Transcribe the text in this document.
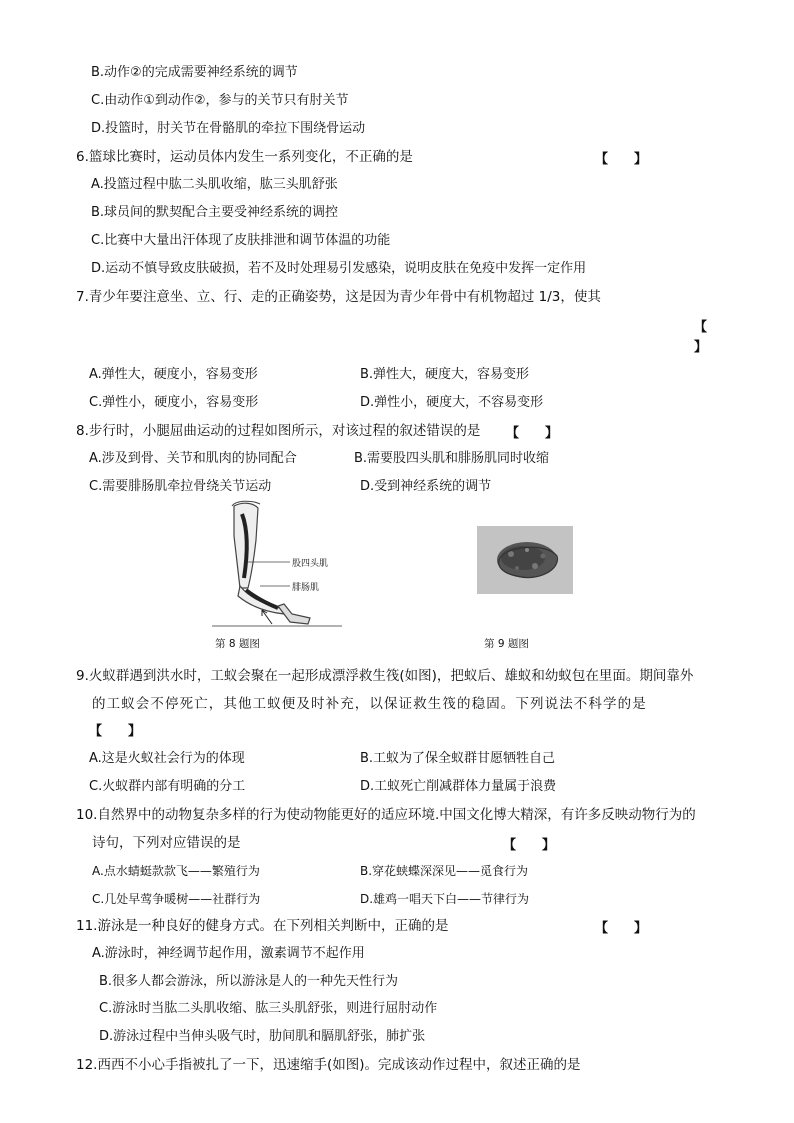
B.动作②的完成需要神经系统的调节
C.由动作①到动作②，参与的关节只有肘关节
D.投篮时，肘关节在骨骼肌的牵拉下围绕骨运动
6.篮球比赛时，运动员体内发生一系列变化，不正确的是	【　　】
A.投篮过程中肱二头肌收缩，肱三头肌舒张
B.球员间的默契配合主要受神经系统的调控
C.比赛中大量出汗体现了皮肤排泄和调节体温的功能
D.运动不慎导致皮肤破损，若不及时处理易引发感染，说明皮肤在免疫中发挥一定作用
7.青少年要注意坐、立、行、走的正确姿势，这是因为青少年骨中有机物超过 1/3，使其
【
】
A.弹性大，硬度小，容易变形	B.弹性大，硬度大，容易变形
C.弹性小，硬度小，容易变形	D.弹性小，硬度大，不容易变形
8.步行时，小腿屈曲运动的过程如图所示，对该过程的叙述错误的是 【　　】
A.涉及到骨、关节和肌肉的协同配合	B.需要股四头肌和腓肠肌同时收缩
C.需要腓肠肌牵拉骨绕关节运动	D.受到神经系统的调节
股四头肌
腓肠肌
第 8 题图	第 9 题图
9.火蚁群遇到洪水时，工蚁会聚在一起形成漂浮救生筏(如图)，把蚁后、雄蚁和幼蚁包在里面。期间靠外
的工蚁会不停死亡，其他工蚁便及时补充，以保证救生筏的稳固。下列说法不科学的是
【　　】
A.这是火蚁社会行为的体现	B.工蚁为了保全蚁群甘愿牺牲自己
C.火蚁群内部有明确的分工	D.工蚁死亡削减群体力量属于浪费
10.自然界中的动物复杂多样的行为使动物能更好的适应环境.中国文化博大精深，有许多反映动物行为的
诗句，下列对应错误的是	【　　】
A.点水蜻蜓款款飞——繁殖行为	B.穿花蛱蝶深深见——觅食行为
C.几处早莺争暖树——社群行为	D.雄鸡一唱天下白——节律行为
11.游泳是一种良好的健身方式。在下列相关判断中，正确的是	【　　】
A.游泳时，神经调节起作用，激素调节不起作用
B.很多人都会游泳，所以游泳是人的一种先天性行为
C.游泳时当肱二头肌收缩、肱三头肌舒张，则进行屈肘动作
D.游泳过程中当伸头吸气时，肋间肌和膈肌舒张，肺扩张
12.西西不小心手指被扎了一下，迅速缩手(如图)。完成该动作过程中，叙述正确的是
